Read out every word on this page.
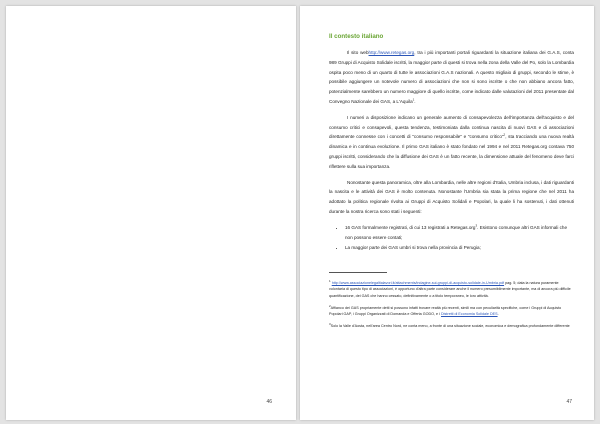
46
Il contesto italiano

Il sito webhttp://www.retegas.org, tra i più importanti portali riguardanti la situazione italiana dei G.A.S, conta 989 Gruppi di Acquisto Solidale iscritti, la maggior parte di questi si trova nella zona della Valle del Po, solo la Lombardia ospita poco meno di un quarto di tutte le associazioni G.A.S nazionali. A questo migliaio di gruppi, secondo le stime, è possibile aggiungere un notevole numero di associazioni che non si sono iscritte o che non abbiano ancora fatto, potenzialmente sarebbero un numero maggiore di quello iscritte, come indicato dalle valutazioni del 2011 presentate dal Convegno Nazionale dei GAS, a L'Aquila$^1$.

I numeri a disposizione indicano un generale aumento di consapevolezza dell'importanza dell'acquisto e del consumo critici e consapevoli, questa tendenza, testimoniata dalla continua nascita di nuovi GAS e di associazioni direttamente connesse con i concetti di "consumo responsabile" e "consumo critico"$^2$, sta tracciando una nuova realtà dinamica e in continua evoluzione. Il primo GAS italiano è stato fondato nel 1994 e nel 2011 Retegas.org contava 750 gruppi iscritti, considerando che la diffusione dei GAS è un fatto recente, la dimensione attuale del fenomeno deve farci riflettere sulla sua importanza.

Nonostante questa panoramica, oltre alla Lombardia, nelle altre regioni d'Italia, Umbria inclusa, i dati riguardanti la nascita e le attività dei GAS è molto contenuta. Nonostante l'Umbria sia stata la prima regione che nel 2011 ha adottato la politica regionale rivolta ai Gruppi di Acquisto Solidali e Popolari, la quale li ha sostenuti, i dati ottenuti durante la nostra ricerca sono stati i seguenti:

• 16 GAS formalmente registrati, di cui 13 registrati a Retegas.org$^3$. Esistono comunque altri GAS informali che non possono essere contati;
• La maggior parte dei GAS umbri si trova nella provincia di Perugia;

$^1$ http://www.associazionelegalitalavori.it/attachments/indagine-sui-gruppi-di-acquisto-solidale-in-Umbria.pdf pag. 5; data la natura puramente volontaria di questo tipo di associazioni, è opportuno d'altra parte considerare anche il numero presumibilmente importante, ma di ancora più difficile quantificazione, dei GAS che hanno cessato, definitivamente o a titolo temporaneo, le loro attività.

$^2$Affianco dei GAS propriamente detti si possono infatti trovare realtà più recenti, simili ma con peculiarità specifiche, come i Gruppi di Acquisto Popolari GAP, i Gruppi Organizzati di Domanda e Offerta GODO, e i Distretti di Economia Solidale DES.

$^3$Solo la Valle d'Aosta, nell'area Centro Nord, ne conta meno, a fronte di una situazione sociale, economica e demografica profondamente differente

47
